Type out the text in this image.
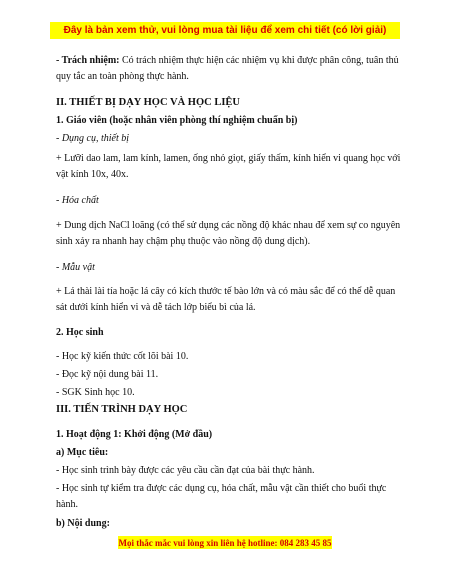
Đây là bản xem thử, vui lòng mua tài liệu để xem chi tiết (có lời giải)

- Trách nhiệm: Có trách nhiệm thực hiện các nhiệm vụ khi được phân công, tuân thủ quy tắc an toàn phòng thực hành.

II. THIẾT BỊ DẠY HỌC VÀ HỌC LIỆU

1. Giáo viên (hoặc nhân viên phòng thí nghiệm chuẩn bị)

- Dụng cụ, thiết bị

+ Lưỡi dao lam, lam kính, lamen, ống nhỏ giọt, giấy thấm, kính hiển vi quang học với vật kính 10x, 40x.

- Hóa chất

+ Dung dịch NaCl loãng (có thể sử dụng các nồng độ khác nhau để xem sự co nguyên sinh xảy ra nhanh hay chậm phụ thuộc vào nồng độ dung dịch).

- Mẫu vật

+ Lá thài lài tía hoặc lá cây có kích thước tế bào lớn và có màu sắc để có thể dễ quan sát dưới kính hiển vi và dễ tách lớp biểu bì của lá.

2. Học sinh

- Học kỹ kiến thức cốt lõi bài 10.

- Đọc kỹ nội dung bài 11.

- SGK Sinh học 10.

III. TIẾN TRÌNH DẠY HỌC

1. Hoạt động 1: Khởi động (Mở đầu)

a) Mục tiêu:

- Học sinh trình bày được các yêu cầu cần đạt của bài thực hành.

- Học sinh tự kiểm tra được các dụng cụ, hóa chất, mẫu vật cần thiết cho buổi thực hành.

b) Nội dung:

Mọi thắc mắc vui lòng xin liên hệ hotline: 084 283 45 85
